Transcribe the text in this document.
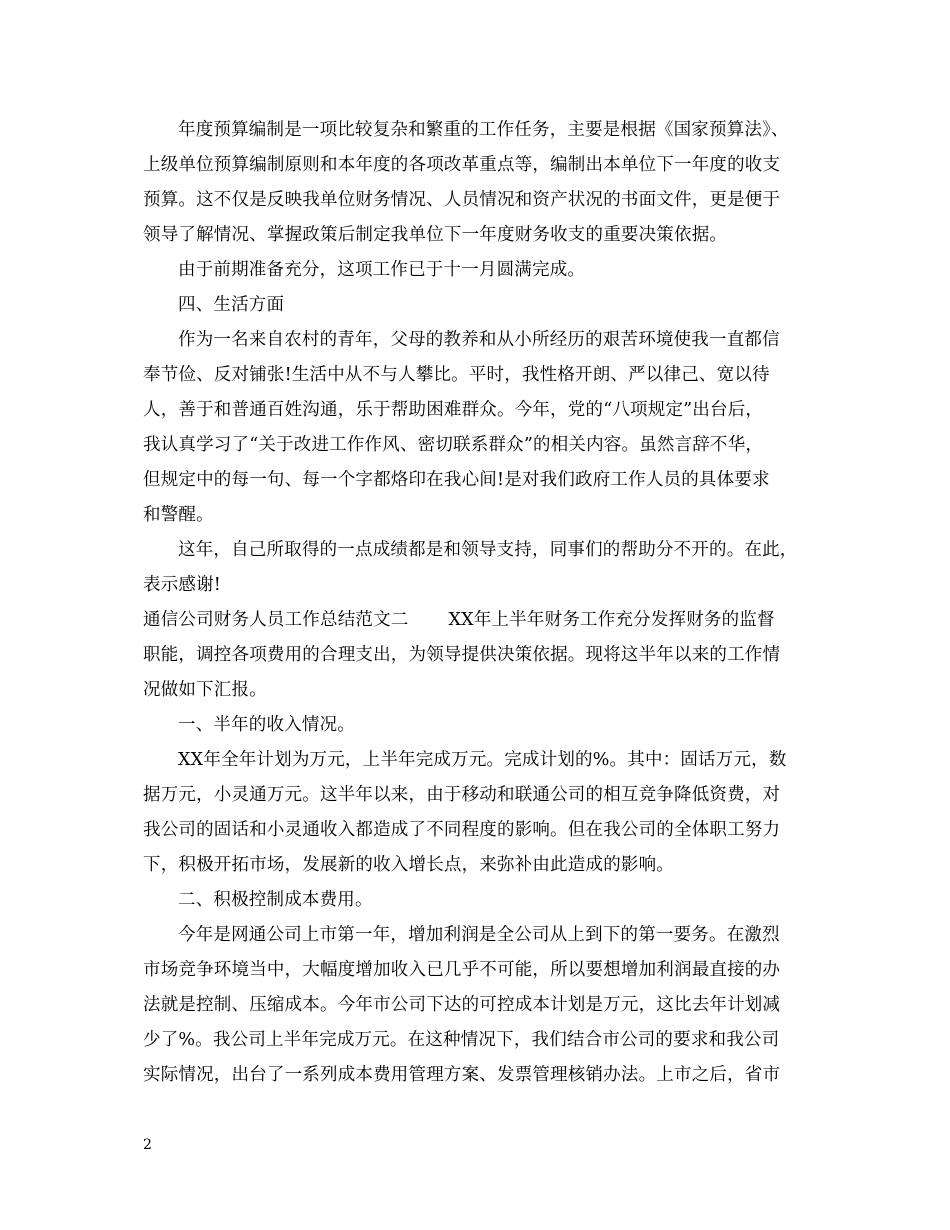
年度预算编制是一项比较复杂和繁重的工作任务，主要是根据《国家预算法》、
上级单位预算编制原则和本年度的各项改革重点等，编制出本单位下一年度的收支
预算。这不仅是反映我单位财务情况、人员情况和资产状况的书面文件，更是便于
领导了解情况、掌握政策后制定我单位下一年度财务收支的重要决策依据。
由于前期准备充分，这项工作已于十一月圆满完成。
四、生活方面
作为一名来自农村的青年，父母的教养和从小所经历的艰苦环境使我一直都信
奉节俭、反对铺张!生活中从不与人攀比。平时，我性格开朗、严以律己、宽以待
人，善于和普通百姓沟通，乐于帮助困难群众。今年，党的“八项规定”出台后，
我认真学习了“关于改进工作作风、密切联系群众”的相关内容。虽然言辞不华，
但规定中的每一句、每一个字都烙印在我心间!是对我们政府工作人员的具体要求
和警醒。
这年，自己所取得的一点成绩都是和领导支持，同事们的帮助分不开的。在此，
表示感谢!
通信公司财务人员工作总结范文二 XX年上半年财务工作充分发挥财务的监督
职能，调控各项费用的合理支出，为领导提供决策依据。现将这半年以来的工作情
况做如下汇报。
一、半年的收入情况。
XX年全年计划为万元，上半年完成万元。完成计划的%。其中：固话万元，数
据万元，小灵通万元。这半年以来，由于移动和联通公司的相互竞争降低资费，对
我公司的固话和小灵通收入都造成了不同程度的影响。但在我公司的全体职工努力
下，积极开拓市场，发展新的收入增长点，来弥补由此造成的影响。
二、积极控制成本费用。
今年是网通公司上市第一年，增加利润是全公司从上到下的第一要务。在激烈
市场竞争环境当中，大幅度增加收入已几乎不可能，所以要想增加利润最直接的办
法就是控制、压缩成本。今年市公司下达的可控成本计划是万元，这比去年计划减
少了%。我公司上半年完成万元。在这种情况下，我们结合市公司的要求和我公司
实际情况，出台了一系列成本费用管理方案、发票管理核销办法。上市之后，省市
2
